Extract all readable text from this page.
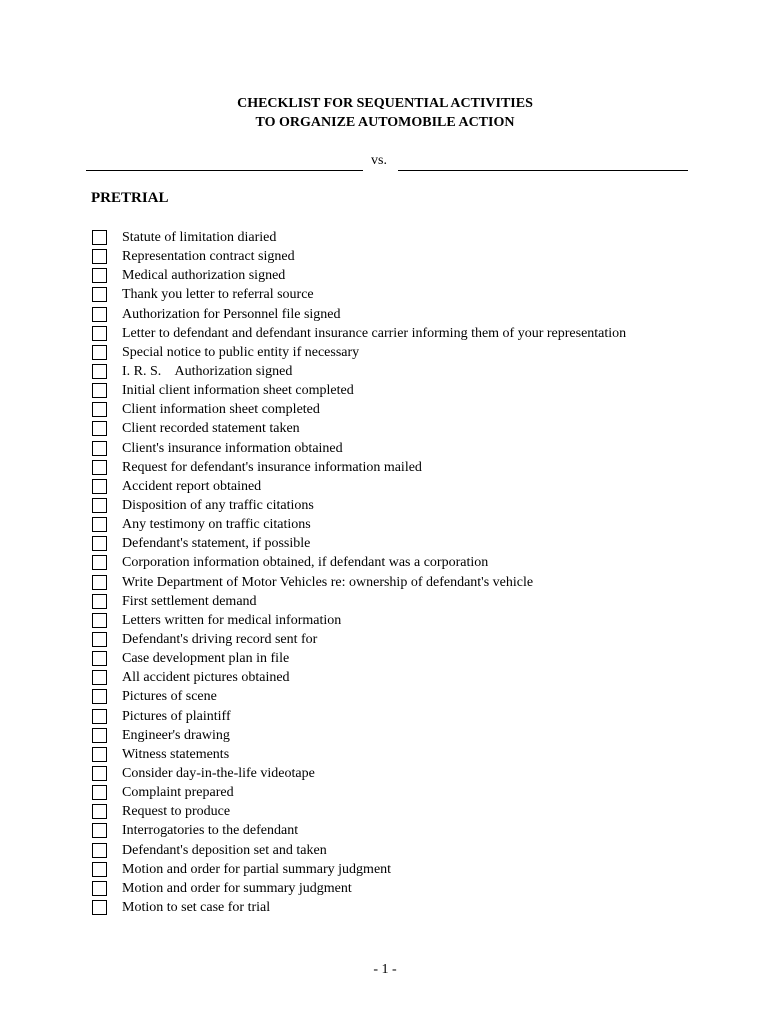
CHECKLIST FOR SEQUENTIAL ACTIVITIES
TO ORGANIZE AUTOMOBILE ACTION
vs.
PRETRIAL
Statute of limitation diaried
Representation contract signed
Medical authorization signed
Thank you letter to referral source
Authorization for Personnel file signed
Letter to defendant and defendant insurance carrier informing them of your representation
Special notice to public entity if necessary
I. R. S.    Authorization signed
Initial client information sheet completed
Client information sheet completed
Client recorded statement taken
Client's insurance information obtained
Request for defendant's insurance information mailed
Accident report obtained
Disposition of any traffic citations
Any testimony on traffic citations
Defendant's statement, if possible
Corporation information obtained, if defendant was a corporation
Write Department of Motor Vehicles re: ownership of defendant's vehicle
First settlement demand
Letters written for medical information
Defendant's driving record sent for
Case development plan in file
All accident pictures obtained
Pictures of scene
Pictures of plaintiff
Engineer's drawing
Witness statements
Consider day-in-the-life videotape
Complaint prepared
Request to produce
Interrogatories to the defendant
Defendant's deposition set and taken
Motion and order for partial summary judgment
Motion and order for summary judgment
Motion to set case for trial
- 1 -
